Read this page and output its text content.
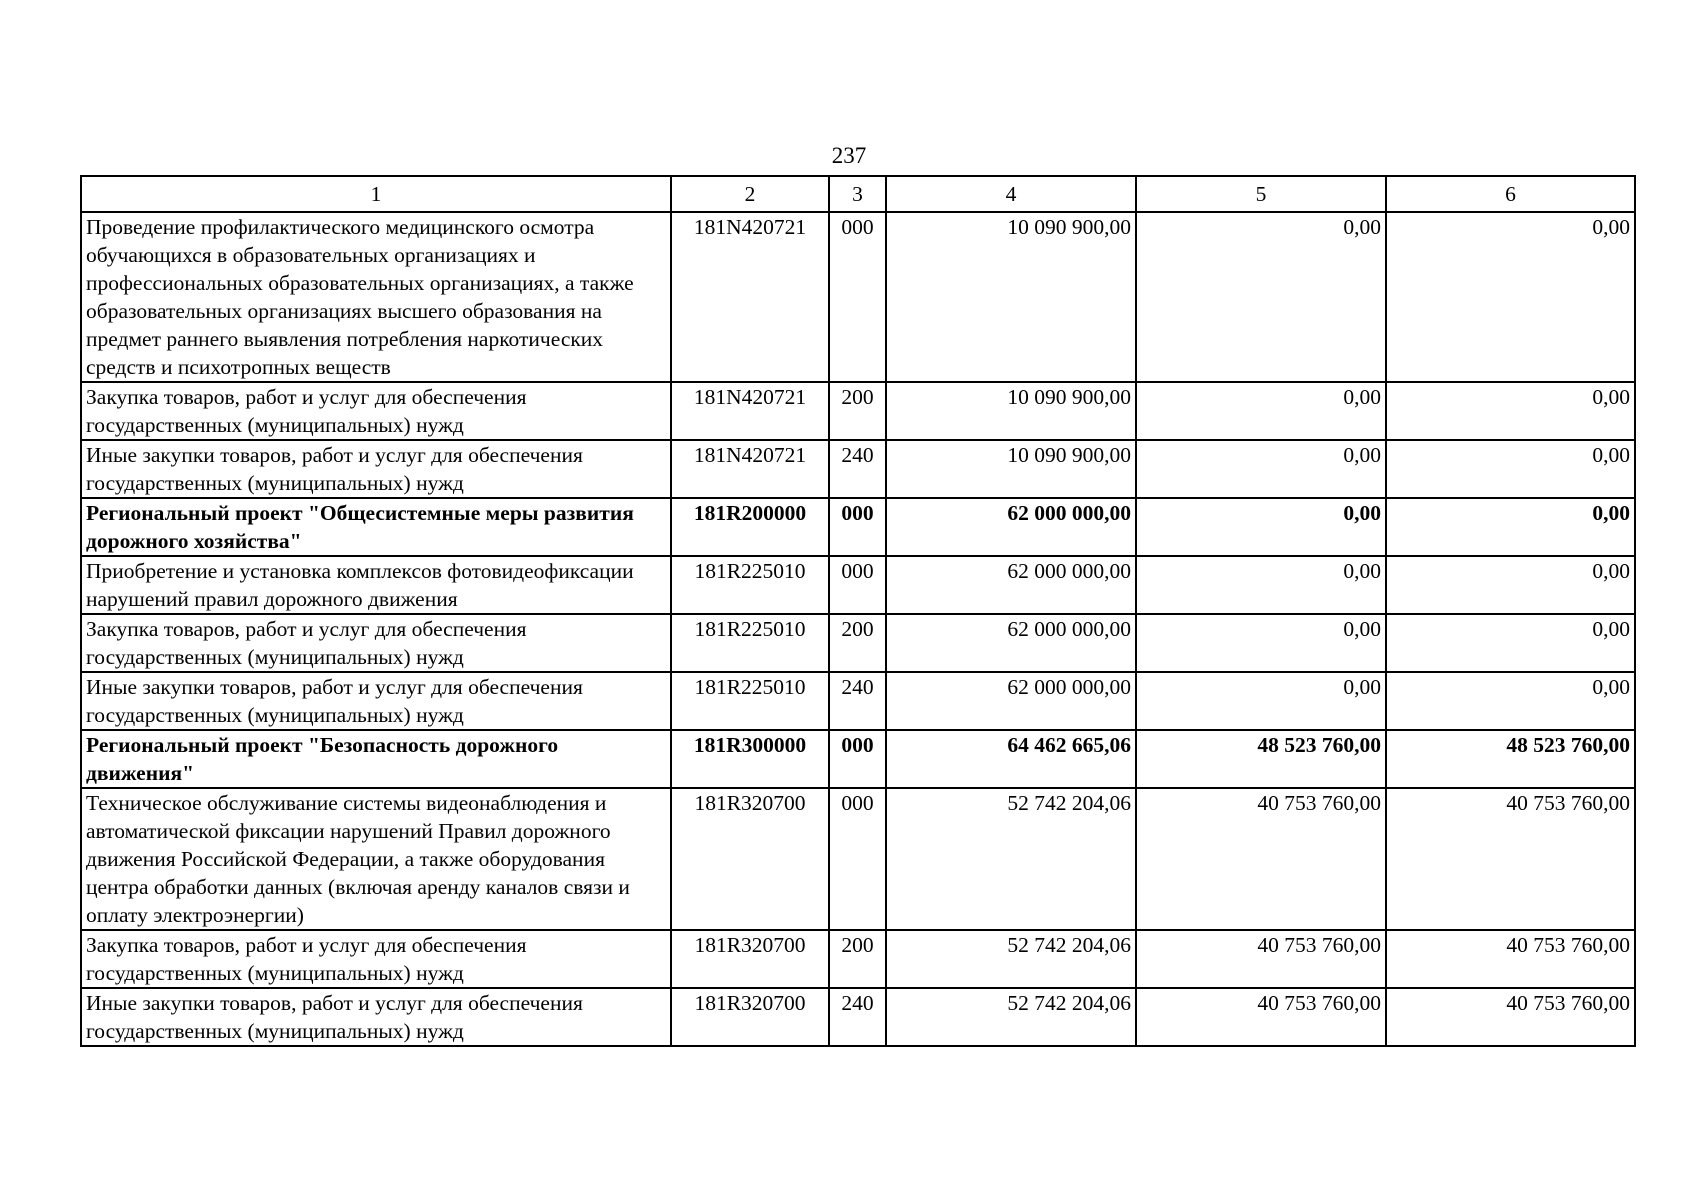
237
1	2	3	4	5	6
Проведение профилактического медицинского осмотра обучающихся в образовательных организациях и профессиональных образовательных организациях, а также образовательных организациях высшего образования на предмет раннего выявления потребления наркотических средств и психотропных веществ	181N420721	000	10 090 900,00	0,00	0,00
Закупка товаров, работ и услуг для обеспечения государственных (муниципальных) нужд	181N420721	200	10 090 900,00	0,00	0,00
Иные закупки товаров, работ и услуг для обеспечения государственных (муниципальных) нужд	181N420721	240	10 090 900,00	0,00	0,00
Региональный проект "Общесистемные меры развития дорожного хозяйства"	181R200000	000	62 000 000,00	0,00	0,00
Приобретение и установка комплексов фотовидеофиксации нарушений правил дорожного движения	181R225010	000	62 000 000,00	0,00	0,00
Закупка товаров, работ и услуг для обеспечения государственных (муниципальных) нужд	181R225010	200	62 000 000,00	0,00	0,00
Иные закупки товаров, работ и услуг для обеспечения государственных (муниципальных) нужд	181R225010	240	62 000 000,00	0,00	0,00
Региональный проект "Безопасность дорожного движения"	181R300000	000	64 462 665,06	48 523 760,00	48 523 760,00
Техническое обслуживание системы видеонаблюдения и автоматической фиксации нарушений Правил дорожного движения Российской Федерации, а также оборудования центра обработки данных (включая аренду каналов связи и оплату электроэнергии)	181R320700	000	52 742 204,06	40 753 760,00	40 753 760,00
Закупка товаров, работ и услуг для обеспечения государственных (муниципальных) нужд	181R320700	200	52 742 204,06	40 753 760,00	40 753 760,00
Иные закупки товаров, работ и услуг для обеспечения государственных (муниципальных) нужд	181R320700	240	52 742 204,06	40 753 760,00	40 753 760,00
